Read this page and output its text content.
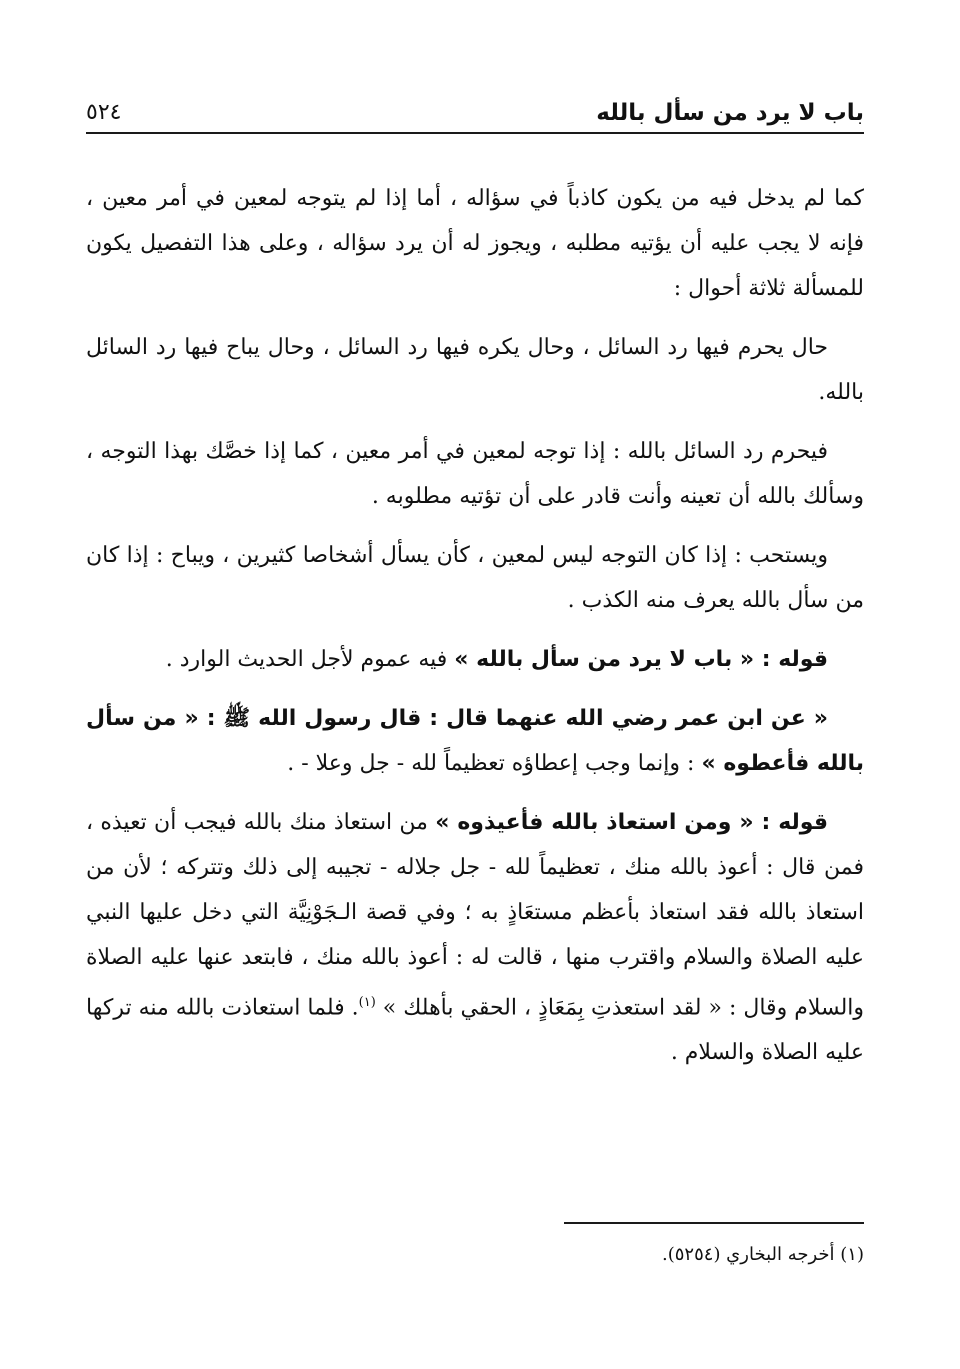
باب لا يرد من سأل بالله
٥٢٤

كما لم يدخل فيه من يكون كاذباً في سؤاله ، أما إذا لم يتوجه لمعين في أمر معين ، فإنه لا يجب عليه أن يؤتيه مطلبه ، ويجوز له أن يرد سؤاله ، وعلى هذا التفصيل يكون للمسألة ثلاثة أحوال :

حال يحرم فيها رد السائل ، وحال يكره فيها رد السائل ، وحال يباح فيها رد السائل بالله.

فيحرم رد السائل بالله : إذا توجه لمعين في أمر معين ، كما إذا خصَّك بهذا التوجه ، وسألك بالله أن تعينه وأنت قادر على أن تؤتيه مطلوبه .

ويستحب : إذا كان التوجه ليس لمعين ، كأن يسأل أشخاصا كثيرين ، ويباح : إذا كان من سأل بالله يعرف منه الكذب .

قوله : « باب لا يرد من سأل بالله » فيه عموم لأجل الحديث الوارد .

« عن ابن عمر رضي الله عنهما قال : قال رسول الله ﷺ : « من سأل بالله فأعطوه » : وإنما وجب إعطاؤه تعظيماً لله - جل وعلا - .

قوله : « ومن استعاذ بالله فأعيذوه » من استعاذ منك بالله فيجب أن تعيذه ، فمن قال : أعوذ بالله منك ، تعظيماً لله - جل جلاله - تجيبه إلى ذلك وتتركه ؛ لأن من استعاذ بالله فقد استعاذ بأعظم مستعَاذٍ به ؛ وفي قصة الـجَوْنِيَّة التي دخل عليها النبي عليه الصلاة والسلام واقترب منها ، قالت له : أعوذ بالله منك ، فابتعد عنها عليه الصلاة والسلام وقال : « لقد استعذتِ بِمَعَاذٍ ، الحقي بأهلك » $^{(١)}$. فلما استعاذت بالله منه تركها عليه الصلاة والسلام .

(١) أخرجه البخاري (٥٢٥٤).
